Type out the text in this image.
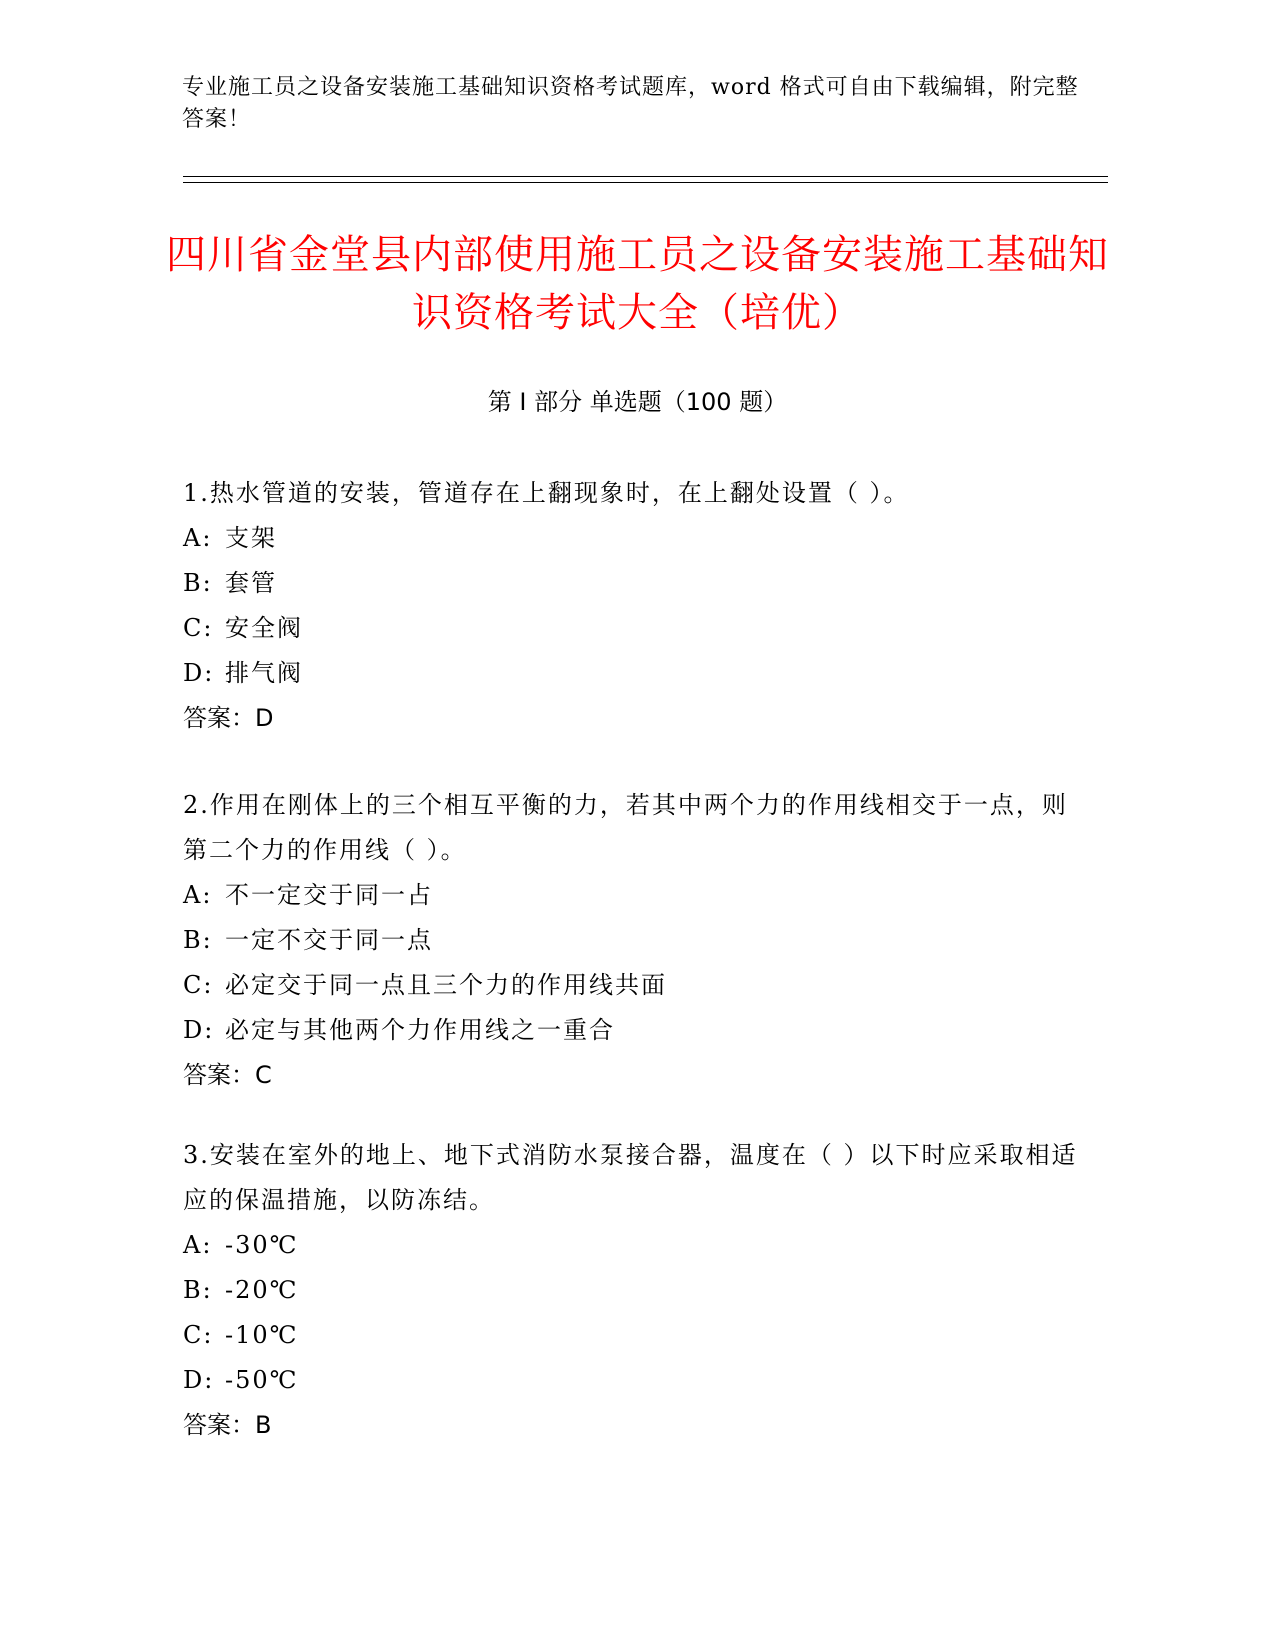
专业施工员之设备安装施工基础知识资格考试题库，word 格式可自由下载编辑，附完整答案！
四川省金堂县内部使用施工员之设备安装施工基础知识资格考试大全（培优）
第 I 部分 单选题（100 题）
1.热水管道的安装，管道存在上翻现象时，在上翻处设置（ ）。
A: 支架
B: 套管
C: 安全阀
D: 排气阀
答案：D
2.作用在刚体上的三个相互平衡的力，若其中两个力的作用线相交于一点，则第二个力的作用线（ ）。
A: 不一定交于同一占
B: 一定不交于同一点
C: 必定交于同一点且三个力的作用线共面
D: 必定与其他两个力作用线之一重合
答案：C
3.安装在室外的地上、地下式消防水泵接合器，温度在（ ）以下时应采取相适应的保温措施，以防冻结。
A: -30℃
B: -20℃
C: -10℃
D: -50℃
答案：B
